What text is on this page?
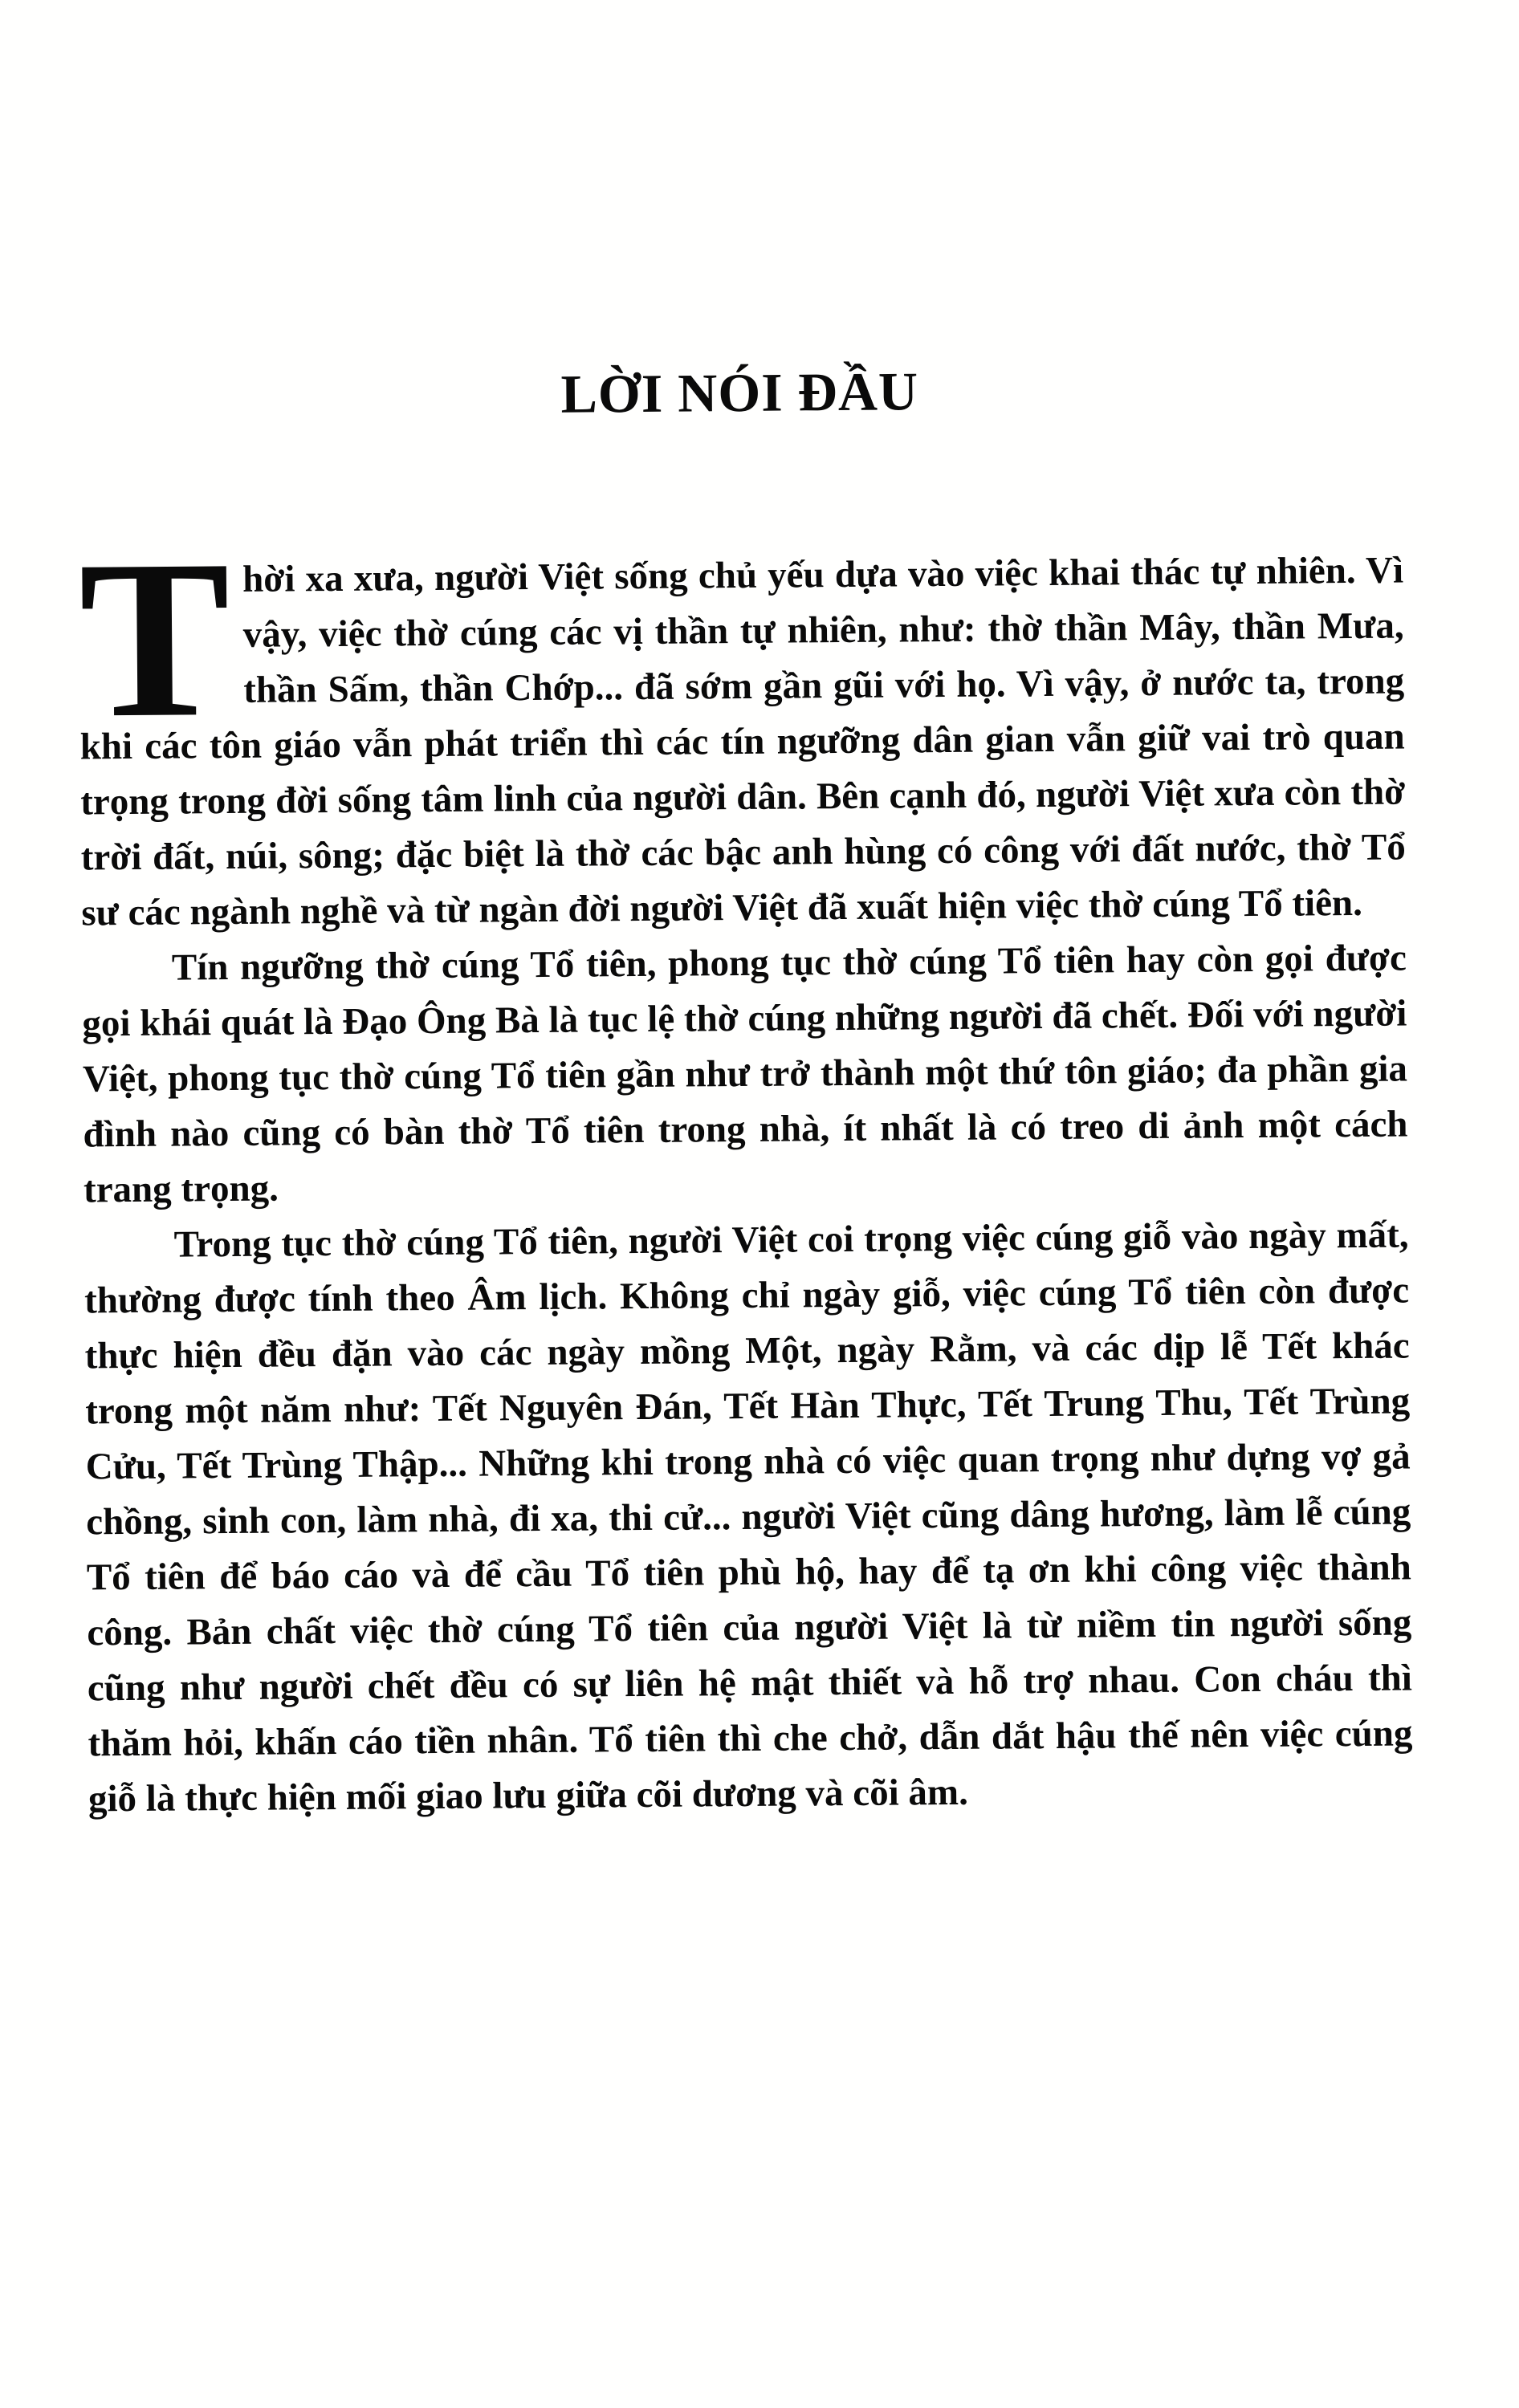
LỜI NÓI ĐẦU

Thời xa xưa, người Việt sống chủ yếu dựa vào việc khai thác tự nhiên. Vì vậy, việc thờ cúng các vị thần tự nhiên, như: thờ thần Mây, thần Mưa, thần Sấm, thần Chớp... đã sớm gần gũi với họ. Vì vậy, ở nước ta, trong khi các tôn giáo vẫn phát triển thì các tín ngưỡng dân gian vẫn giữ vai trò quan trọng trong đời sống tâm linh của người dân. Bên cạnh đó, người Việt xưa còn thờ trời đất, núi, sông; đặc biệt là thờ các bậc anh hùng có công với đất nước, thờ Tổ sư các ngành nghề và từ ngàn đời người Việt đã xuất hiện việc thờ cúng Tổ tiên.

Tín ngưỡng thờ cúng Tổ tiên, phong tục thờ cúng Tổ tiên hay còn gọi được gọi khái quát là Đạo Ông Bà là tục lệ thờ cúng những người đã chết. Đối với người Việt, phong tục thờ cúng Tổ tiên gần như trở thành một thứ tôn giáo; đa phần gia đình nào cũng có bàn thờ Tổ tiên trong nhà, ít nhất là có treo di ảnh một cách trang trọng.

Trong tục thờ cúng Tổ tiên, người Việt coi trọng việc cúng giỗ vào ngày mất, thường được tính theo Âm lịch. Không chỉ ngày giỗ, việc cúng Tổ tiên còn được thực hiện đều đặn vào các ngày mồng Một, ngày Rằm, và các dịp lễ Tết khác trong một năm như: Tết Nguyên Đán, Tết Hàn Thực, Tết Trung Thu, Tết Trùng Cửu, Tết Trùng Thập... Những khi trong nhà có việc quan trọng như dựng vợ gả chồng, sinh con, làm nhà, đi xa, thi cử... người Việt cũng dâng hương, làm lễ cúng Tổ tiên để báo cáo và để cầu Tổ tiên phù hộ, hay để tạ ơn khi công việc thành công. Bản chất việc thờ cúng Tổ tiên của người Việt là từ niềm tin người sống cũng như người chết đều có sự liên hệ mật thiết và hỗ trợ nhau. Con cháu thì thăm hỏi, khấn cáo tiền nhân. Tổ tiên thì che chở, dẫn dắt hậu thế nên việc cúng giỗ là thực hiện mối giao lưu giữa cõi dương và cõi âm.
